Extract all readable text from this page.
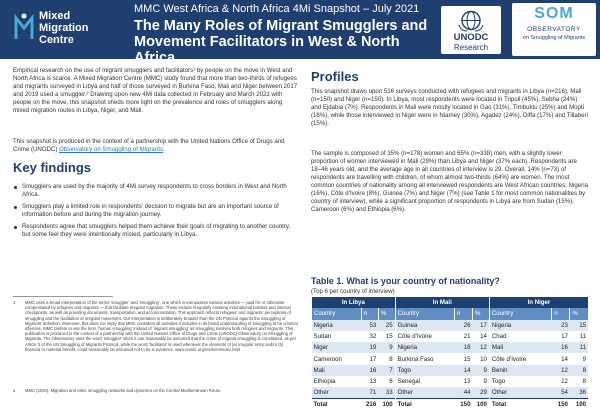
Mixed
Migration
Centre
MMC West Africa & North Africa 4Mi Snapshot – July 2021
The Many Roles of Migrant Smugglers and Movement Facilitators in West & North Africa
UNODC
Research
SOM
OBSERVATORY
on Smuggling of Migrants

Empirical research on the use of migrant smugglers and facilitators¹ by people on the move in West and North Africa is scarce. A Mixed Migration Centre (MMC) study found that more than two-thirds of refugees and migrants surveyed in Libya and half of those surveyed in Burkina Faso, Mali and Niger between 2017 and 2019 used a smuggler.² Drawing upon new 4Mi data collected in February and March 2021 with people on the move, this snapshot sheds more light on the prevalence and roles of smugglers along mixed migration routes in Libya, Niger, and Mali.

This snapshot is produced in the context of a partnership with the United Nations Office of Drugs and Crime (UNODC) Observatory on Smuggling of Migrants.

Key findings
Smugglers are used by the majority of 4Mi survey respondents to cross borders in West and North Africa.
Smugglers play a limited role in respondents’ decision to migrate but are an important source of information before and during the migration journey.
Respondents agree that smugglers helped them achieve their goals of migrating to another country, but some feel they were intentionally misled, particularly in Libya.
1	MMC uses a broad interpretation of the terms ‘smuggler’ and ‘smuggling’, one which encompasses various activities — paid for or otherwise compensated by refugees and migrants — that facilitate irregular migration. These include irregularly crossing international borders and internal checkpoints, as well as providing documents, transportation, and accommodation. This approach reflects refugees’ and migrants’ perceptions of smuggling and the facilitation of irregular movement. Our interpretation is deliberately broader than the UN Protocol against the Smuggling of Migrants’ definition. Moreover, this does not imply that MMC considers all activities it includes in its broad understanding of smuggling to be criminal offences. MMC prefers to use the term ‘human smuggling’ instead of ‘migrant smuggling’ as smuggling involves both refugees and migrants. This publication is produced in the context of a partnership with the United Nations Office of Drugs and Crime (UNODC) Observatory on Smuggling of Migrants. The Observatory uses the word ‘smuggler’ when it can reasonably be assumed that the crime of migrant smuggling is constituted, as per Article 3 of the UN Smuggling of Migrants Protocol, while the word ‘facilitator’ is used whenever the elements of (a) irregular entry and/or (b) financial or material benefit, could reasonably be assumed not to be in evidence. www.unodc.org/res/som/index.html
2	MMC (2020). Migration and risks: smuggling networks and dynamics on the Central Mediterranean Route.
Profiles

This snapshot draws upon 516 surveys conducted with refugees and migrants in Libya (n=216), Mali (n=150) and Niger (n=150). In Libya, most respondents were located in Tripoli (45%), Sebha (24%) and Ejdabia (7%). Respondents in Mali were mostly located in Gao (31%), Timbuktu (25%) and Mopti (18%), while those interviewed in Niger were in Niamey (30%), Agadez (24%), Diffa (17%) and Tillaberi (15%).

The sample is composed of 35% (n=178) women and 65% (n=338) men, with a slightly lower proportion of women interviewed in Mali (29%) than Libya and Niger (37% each). Respondents are 18–46 years old, and the average age in all countries of interview is 29. Overall, 14% (n=73) of respondents are travelling with children, of whom almost two-thirds (64%) are women. The most common countries of nationality among all interviewed respondents are West African countries: Nigeria (16%), Côte d’Ivoire (8%), Guinea (7%) and Niger (7%) (see Table 1 for most common nationalities by country of interview), while a significant proportion of respondents in Libya are from Sudan (15%), Cameroon (6%) and Ethiopia (6%).

Table 1. What is your country of nationality?
(Top 6 per country of interview)
In Libya			In Mali			In Niger		
Country	n	%	Country	n	%	Country	n	%
Nigeria	53	25	Guinea	26	17	Nigeria	23	15
Sudan	32	15	Côte d’Ivoire	21	14	Chad	17	11
Niger	19	9	Nigeria	18	12	Mali	16	11
Cameroon	17	8	Burkina Faso	15	10	Côte d’Ivoire	14	9
Mali	16	7	Togo	14	9	Benin	12	8
Ethiopia	13	6	Senegal	13	9	Togo	12	8
Other	71	33	Other	44	29	Other	54	36
Total	216	100	Total	150	100	Total	150	100
